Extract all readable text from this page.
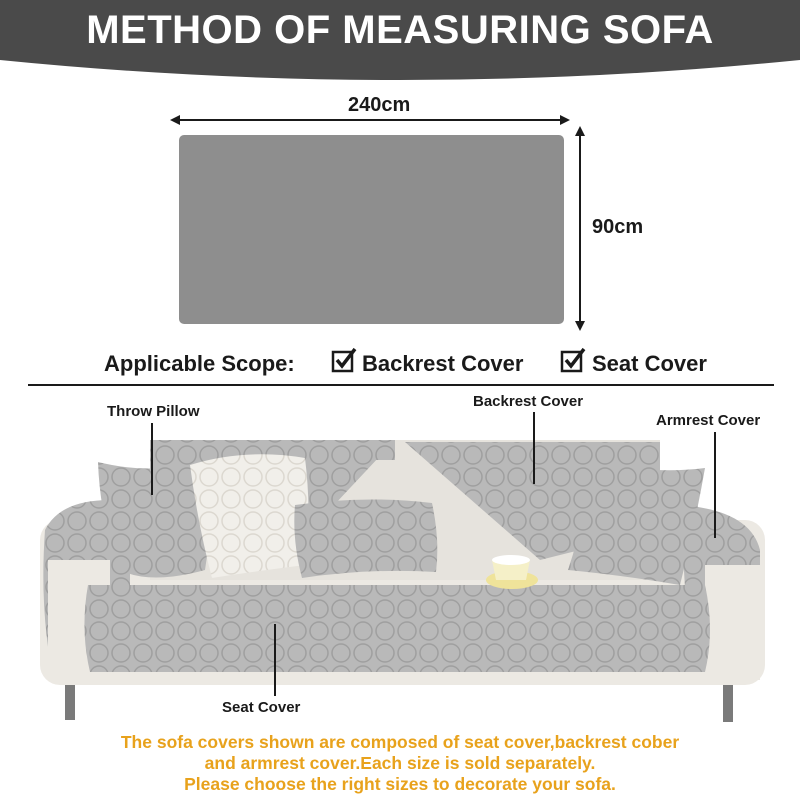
METHOD OF MEASURING SOFA
240cm
90cm
Applicable Scope:	Backrest Cover	Seat Cover
Throw Pillow
Backrest Cover
Armrest Cover
Seat Cover
The sofa covers shown are composed of seat cover,backrest cober
and armrest cover.Each size is sold separately.
Please choose the right sizes to decorate your sofa.
